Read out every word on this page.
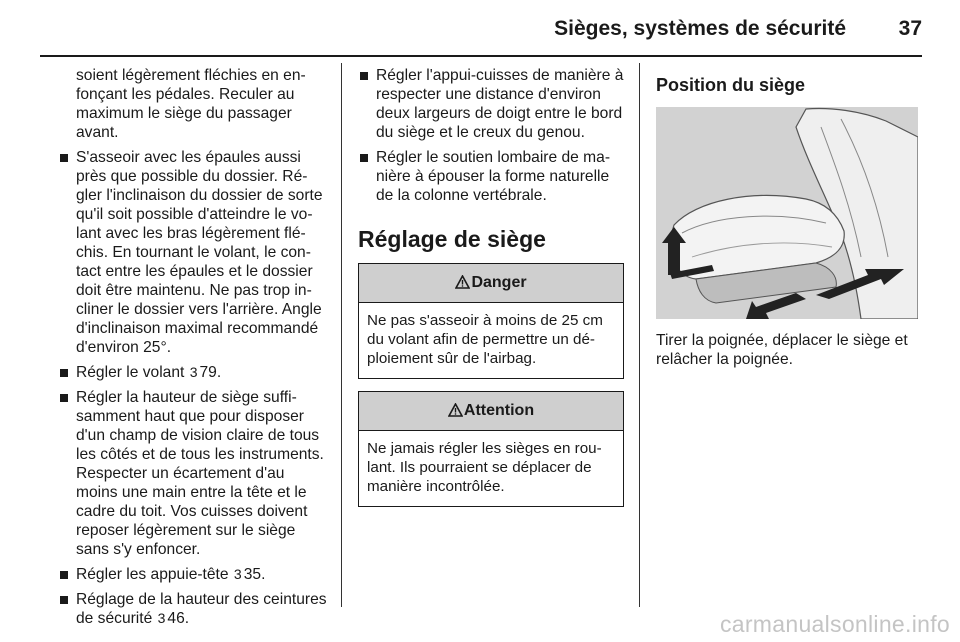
Sièges, systèmes de sécurité	37

soient légèrement fléchies en enfonçant les pédales. Reculer au maximum le siège du passager avant.

S'asseoir avec les épaules aussi près que possible du dossier. Régler l'inclinaison du dossier de sorte qu'il soit possible d'atteindre le volant avec les bras légèrement fléchis. En tournant le volant, le contact entre les épaules et le dossier doit être maintenu. Ne pas trop incliner le dossier vers l'arrière. Angle d'inclinaison maximal recommandé d'environ 25°.
Régler le volant 3 79.
Régler la hauteur de siège suffisamment haut que pour disposer d'un champ de vision claire de tous les côtés et de tous les instruments. Respecter un écartement d'au moins une main entre la tête et le cadre du toit. Vos cuisses doivent reposer légèrement sur le siège sans s'y enfoncer.
Régler les appuie-tête 3 35.
Réglage de la hauteur des ceintures de sécurité 3 46.
Régler l'appui-cuisses de manière à respecter une distance d'environ deux largeurs de doigt entre le bord du siège et le creux du genou.
Régler le soutien lombaire de manière à épouser la forme naturelle de la colonne vertébrale.
Réglage de siège
Danger
Ne pas s'asseoir à moins de 25 cm du volant afin de permettre un déploiement sûr de l'airbag.
Attention
Ne jamais régler les sièges en roulant. Ils pourraient se déplacer de manière incontrôlée.
Position du siège

Tirer la poignée, déplacer le siège et relâcher la poignée.

carmanualsonline.info
